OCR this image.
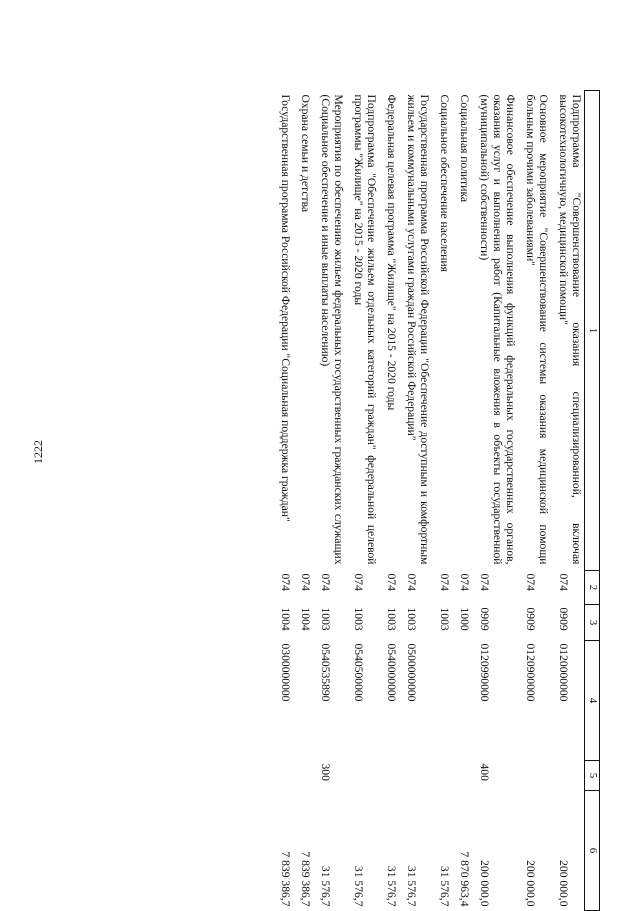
1222
1	2	3	4	5	6
Подпрограмма "Совершенствование оказания специализированной, включая высокотехнологичную, медицинской помощи"	074	0909	0120000000		200 000,0
Основное мероприятие "Совершенствование системы оказания медицинской помощи больным прочими заболеваниями"	074	0909	0120900000		200 000,0
Финансовое обеспечение выполнения функций федеральных государственных органов, оказания услуг и выполнения работ (Капитальные вложения в объекты государственной (муниципальной) собственности)	074	0909	0120990000	400	200 000,0
Социальная политика	074	1000			7 870 963,4
Социальное обеспечение населения	074	1003			31 576,7
Государственная программа Российской Федерации "Обеспечение доступным и комфортным жильем и коммунальными услугами граждан Российской Федерации"	074	1003	0500000000		31 576,7
Федеральная целевая программа "Жилище" на 2015 - 2020 годы	074	1003	0540000000		31 576,7
Подпрограмма "Обеспечение жильем отдельных категорий граждан" федеральной целевой программы "Жилище" на 2015 - 2020 годы	074	1003	0540500000		31 576,7
Мероприятия по обеспечению жильем федеральных государственных гражданских служащих (Социальное обеспечение и иные выплаты населению)	074	1003	0540535890	300	31 576,7
Охрана семьи и детства	074	1004			7 839 386,7
Государственная программа Российской Федерации "Социальная поддержка граждан"	074	1004	0300000000		7 839 386,7
